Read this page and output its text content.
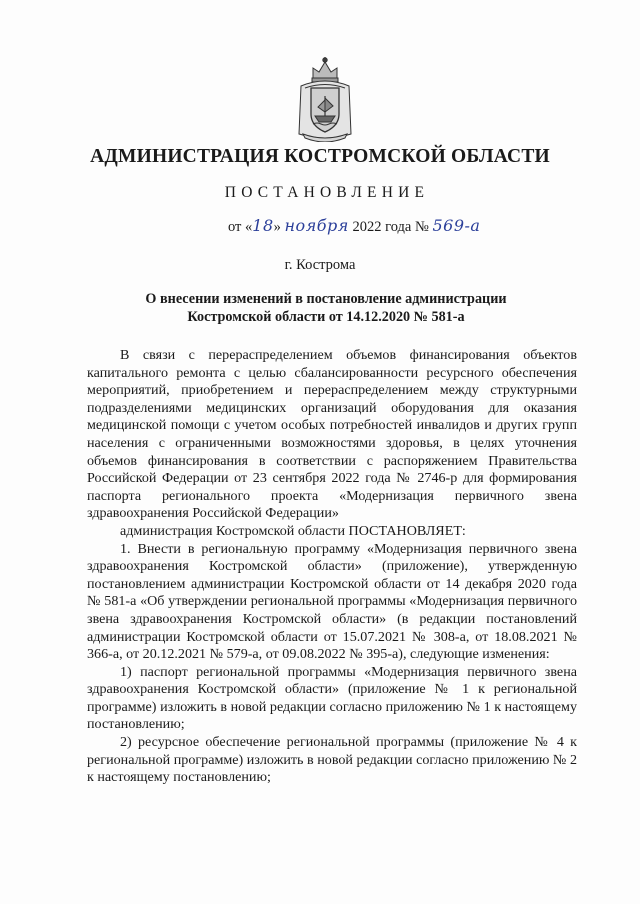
АДМИНИСТРАЦИЯ КОСТРОМСКОЙ ОБЛАСТИ
ПОСТАНОВЛЕНИЕ
от «18» ноября 2022 года № 569-а
г. Кострома
О внесении изменений в постановление администрации
Костромской области от 14.12.2020 № 581-а

В связи с перераспределением объемов финансирования объектов капитального ремонта с целью сбалансированности ресурсного обеспечения мероприятий, приобретением и перераспределением между структурными подразделениями медицинских организаций оборудования для оказания медицинской помощи с учетом особых потребностей инвалидов и других групп населения с ограниченными возможностями здоровья, в целях уточнения объемов финансирования в соответствии с распоряжением Правительства Российской Федерации от 23 сентября 2022 года № 2746-р для формирования паспорта регионального проекта «Модернизация первичного звена здравоохранения Российской Федерации»

администрация Костромской области ПОСТАНОВЛЯЕТ:

1. Внести в региональную программу «Модернизация первичного звена здравоохранения Костромской области» (приложение), утвержденную постановлением администрации Костромской области от 14 декабря 2020 года № 581-а «Об утверждении региональной программы «Модернизация первичного звена здравоохранения Костромской области» (в редакции постановлений администрации Костромской области от 15.07.2021 № 308-а, от 18.08.2021 № 366-а, от 20.12.2021 № 579-а, от 09.08.2022 № 395-а), следующие изменения:

1) паспорт региональной программы «Модернизация первичного звена здравоохранения Костромской области» (приложение № 1 к региональной программе) изложить в новой редакции согласно приложению № 1 к настоящему постановлению;

2) ресурсное обеспечение региональной программы (приложение № 4 к региональной программе) изложить в новой редакции согласно приложению № 2 к настоящему постановлению;
